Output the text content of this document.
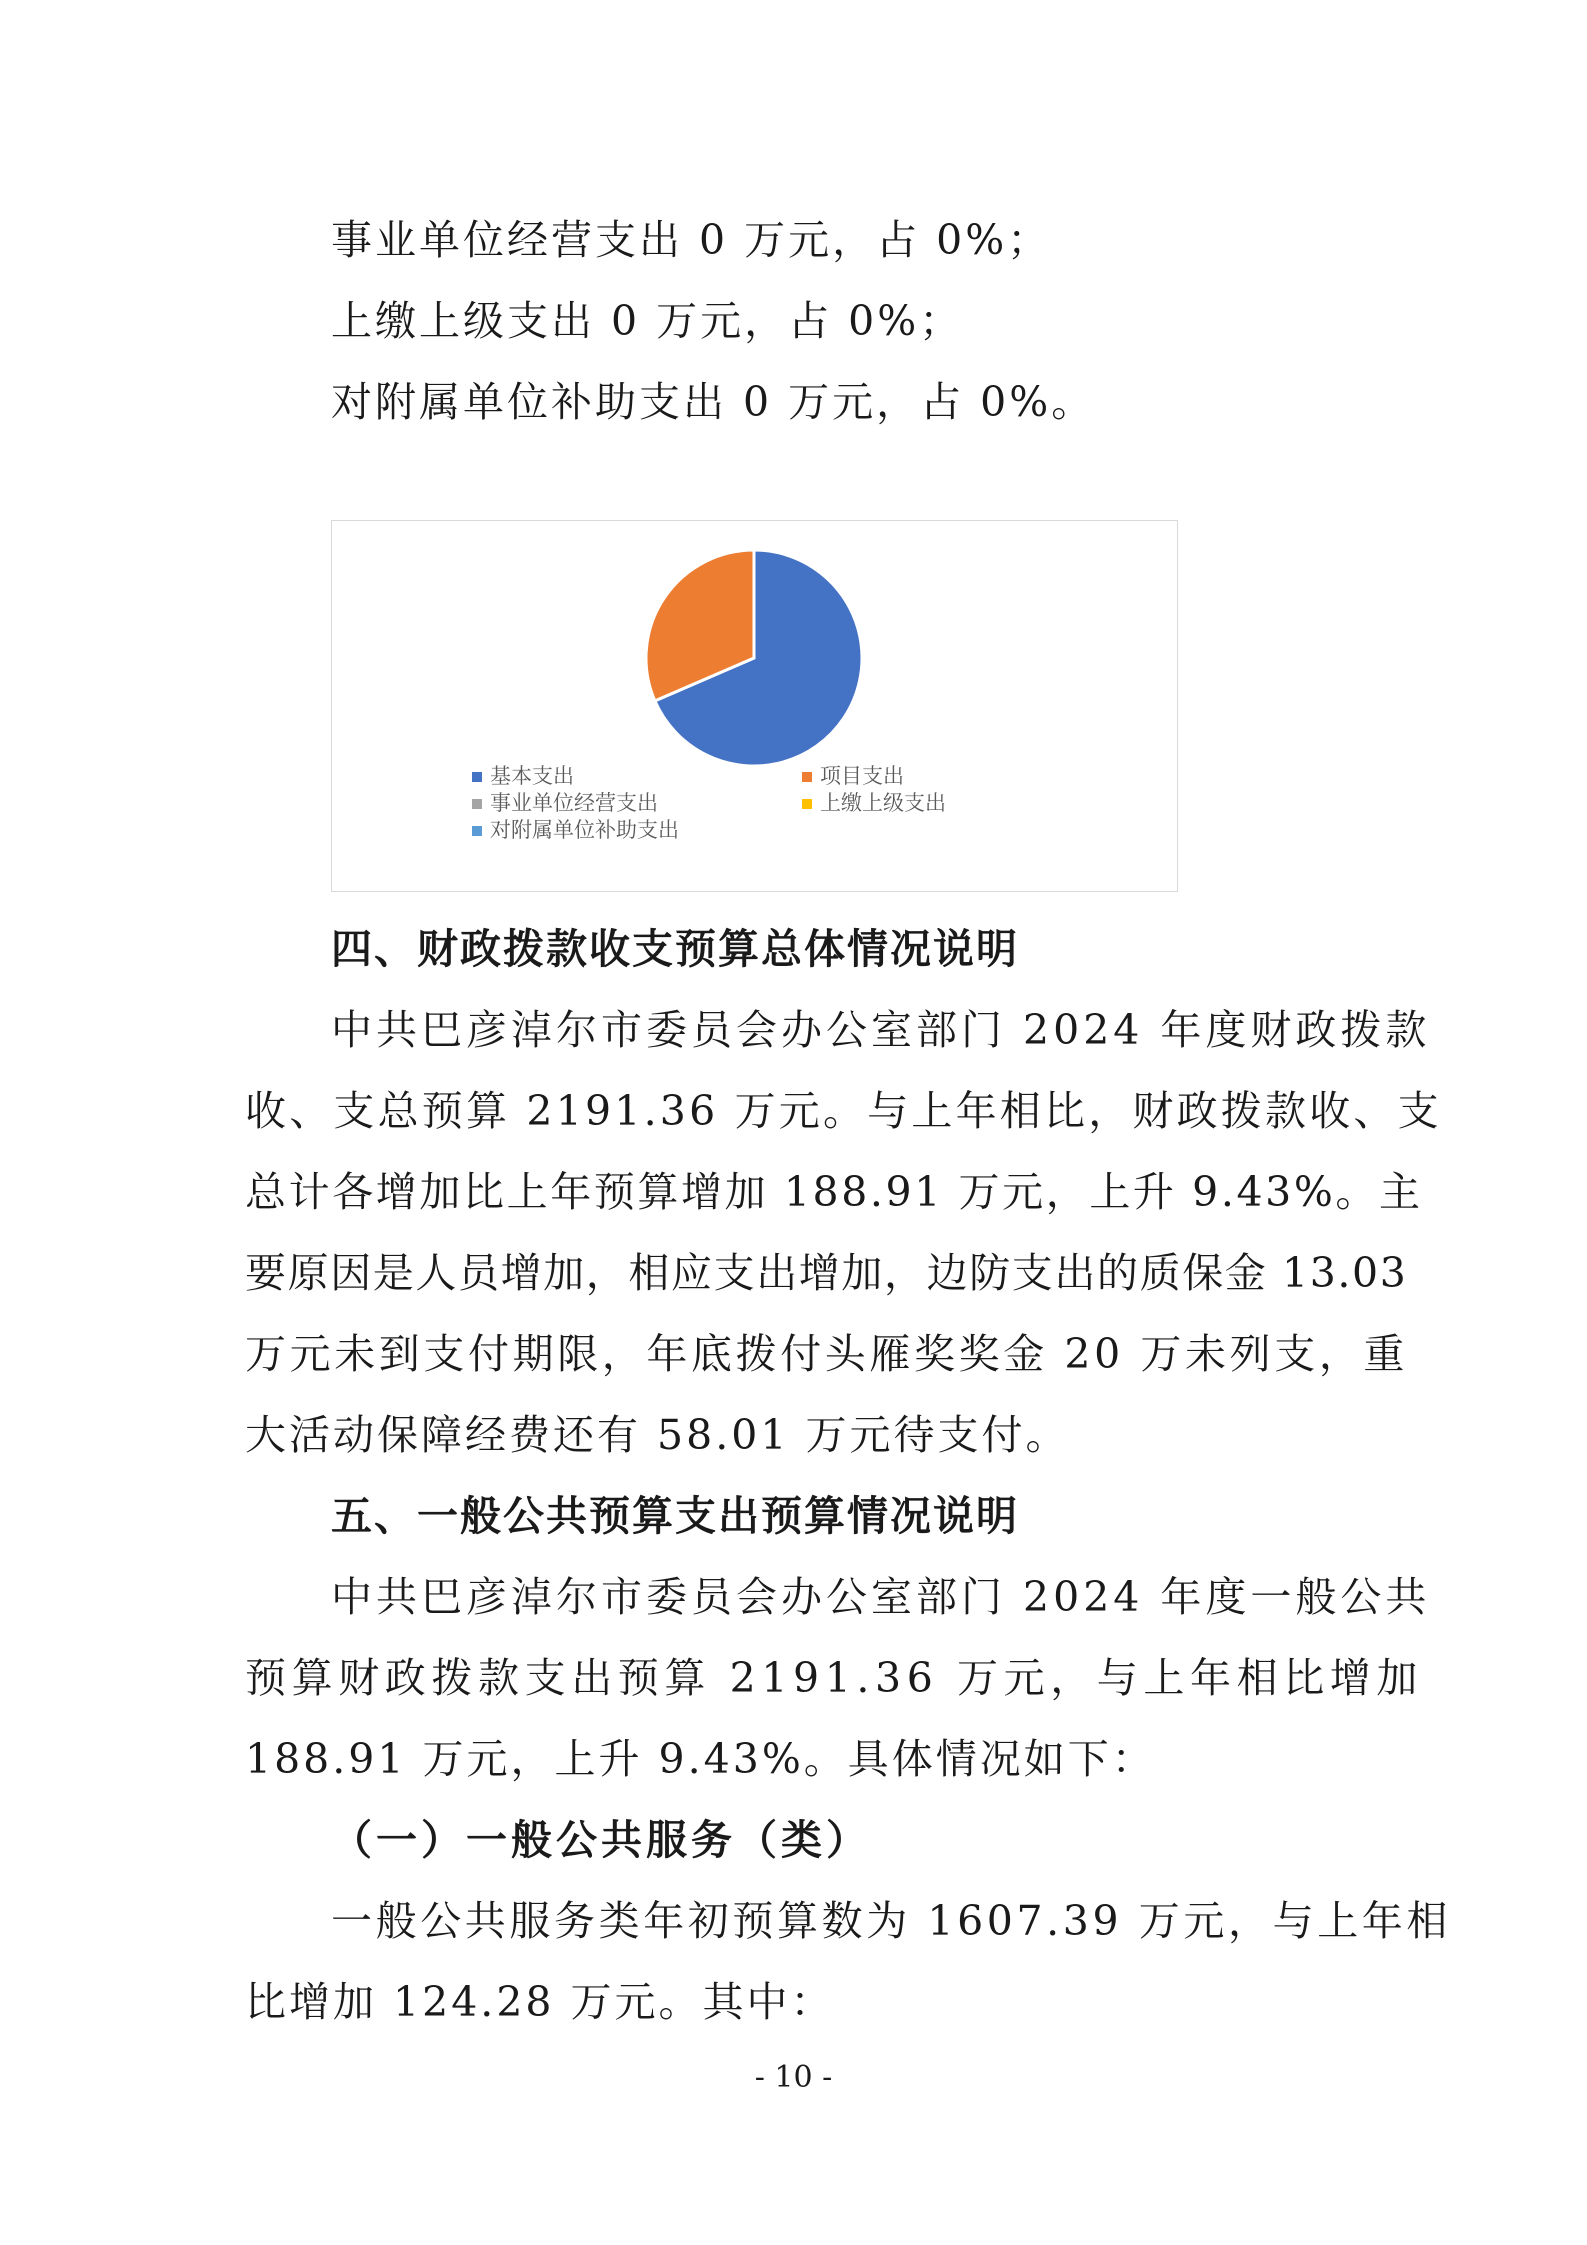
事业单位经营支出 0 万元，占 0%；
上缴上级支出 0 万元，占 0%；
对附属单位补助支出 0 万元，占 0%。
基本支出	项目支出
事业单位经营支出	上缴上级支出
对附属单位补助支出
四、财政拨款收支预算总体情况说明
中共巴彦淖尔市委员会办公室部门 2024 年度财政拨款
收、支总预算 2191.36 万元。与上年相比，财政拨款收、支
总计各增加比上年预算增加 188.91 万元，上升 9.43%。主
要原因是人员增加，相应支出增加，边防支出的质保金 13.03
万元未到支付期限，年底拨付头雁奖奖金 20 万未列支，重
大活动保障经费还有 58.01 万元待支付。
五、一般公共预算支出预算情况说明
中共巴彦淖尔市委员会办公室部门 2024 年度一般公共
预算财政拨款支出预算 2191.36 万元，与上年相比增加
188.91 万元，上升 9.43%。具体情况如下：
（一）一般公共服务（类）
一般公共服务类年初预算数为 1607.39 万元，与上年相
比增加 124.28 万元。其中：
- 10 -
